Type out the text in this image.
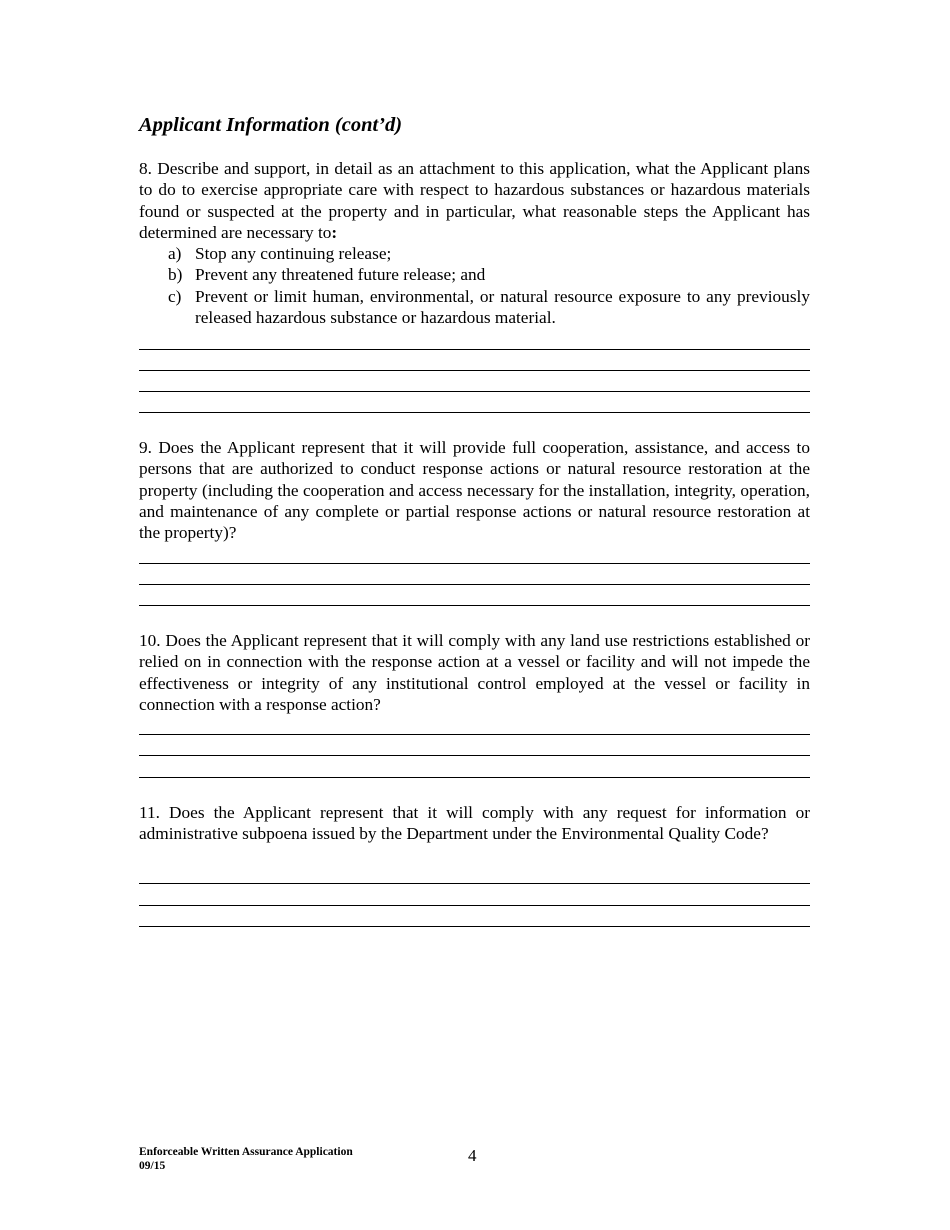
Applicant Information (cont’d)

8. Describe and support, in detail as an attachment to this application, what the Applicant plans to do to exercise appropriate care with respect to hazardous substances or hazardous materials found or suspected at the property and in particular, what reasonable steps the Applicant has determined are necessary to:

a) Stop any continuing release;
b) Prevent any threatened future release; and
c) Prevent or limit human, environmental, or natural resource exposure to any previously released hazardous substance or hazardous material.

9. Does the Applicant represent that it will provide full cooperation, assistance, and access to persons that are authorized to conduct response actions or natural resource restoration at the property (including the cooperation and access necessary for the installation, integrity, operation, and maintenance of any complete or partial response actions or natural resource restoration at the property)?

10. Does the Applicant represent that it will comply with any land use restrictions established or relied on in connection with the response action at a vessel or facility and will not impede the effectiveness or integrity of any institutional control employed at the vessel or facility in connection with a response action?

11. Does the Applicant represent that it will comply with any request for information or administrative subpoena issued by the Department under the Environmental Quality Code?

Enforceable Written Assurance Application
09/15
4
